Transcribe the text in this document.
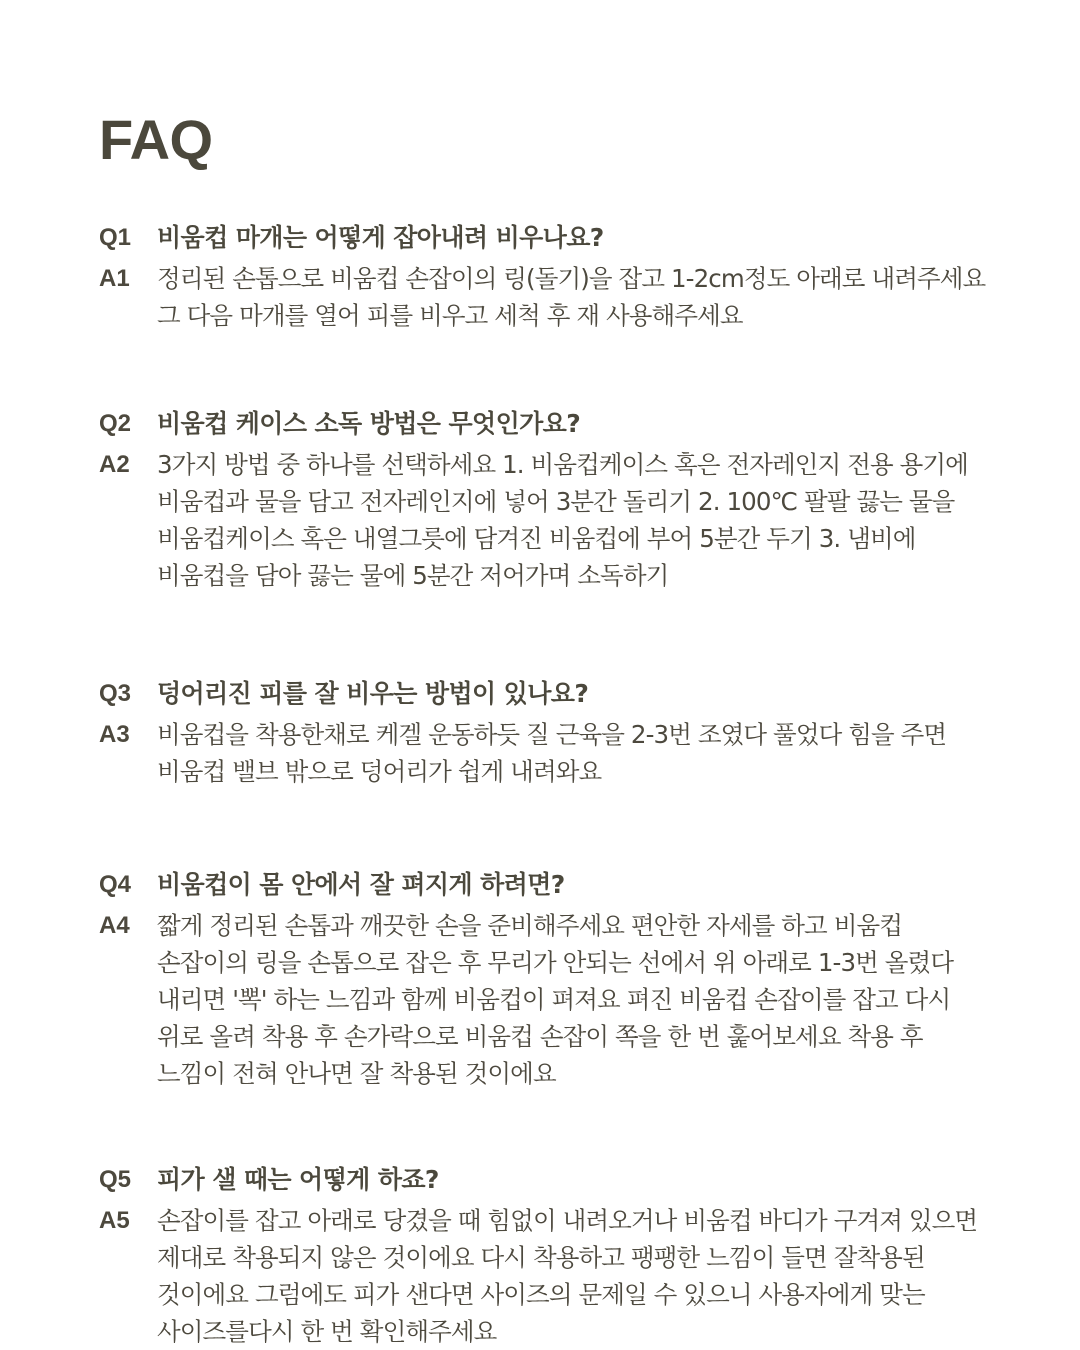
FAQ
Q1	비움컵 마개는 어떻게 잡아내려 비우나요?
A1	정리된 손톱으로 비움컵 손잡이의 링(돌기)을 잡고 1-2cm정도 아래로 내려주세요 그 다음 마개를 열어 피를 비우고 세척 후 재 사용해주세요
Q2	비움컵 케이스 소독 방법은 무엇인가요?
A2	3가지 방법 중 하나를 선택하세요 1. 비움컵케이스 혹은 전자레인지 전용 용기에 비움컵과 물을 담고 전자레인지에 넣어 3분간 돌리기 2. 100℃ 팔팔 끓는 물을 비움컵케이스 혹은 내열그릇에 담겨진 비움컵에 부어 5분간 두기 3. 냄비에 비움컵을 담아 끓는 물에 5분간 저어가며 소독하기
Q3	덩어리진 피를 잘 비우는 방법이 있나요?
A3	비움컵을 착용한채로 케겔 운동하듯 질 근육을 2-3번 조였다 풀었다 힘을 주면 비움컵 밸브 밖으로 덩어리가 쉽게 내려와요
Q4	비움컵이 몸 안에서 잘 펴지게 하려면?
A4	짧게 정리된 손톱과 깨끗한 손을 준비해주세요 편안한 자세를 하고 비움컵 손잡이의 링을 손톱으로 잡은 후 무리가 안되는 선에서 위 아래로 1-3번 올렸다 내리면 '뽁' 하는 느낌과 함께 비움컵이 펴져요 펴진 비움컵 손잡이를 잡고 다시 위로 올려 착용 후 손가락으로 비움컵 손잡이 쪽을 한 번 훑어보세요 착용 후 느낌이 전혀 안나면 잘 착용된 것이에요
Q5	피가 샐 때는 어떻게 하죠?
A5	손잡이를 잡고 아래로 당겼을 때 힘없이 내려오거나 비움컵 바디가 구겨져 있으면 제대로 착용되지 않은 것이에요 다시 착용하고 팽팽한 느낌이 들면 잘착용된 것이에요 그럼에도 피가 샌다면 사이즈의 문제일 수 있으니 사용자에게 맞는 사이즈를다시 한 번 확인해주세요
